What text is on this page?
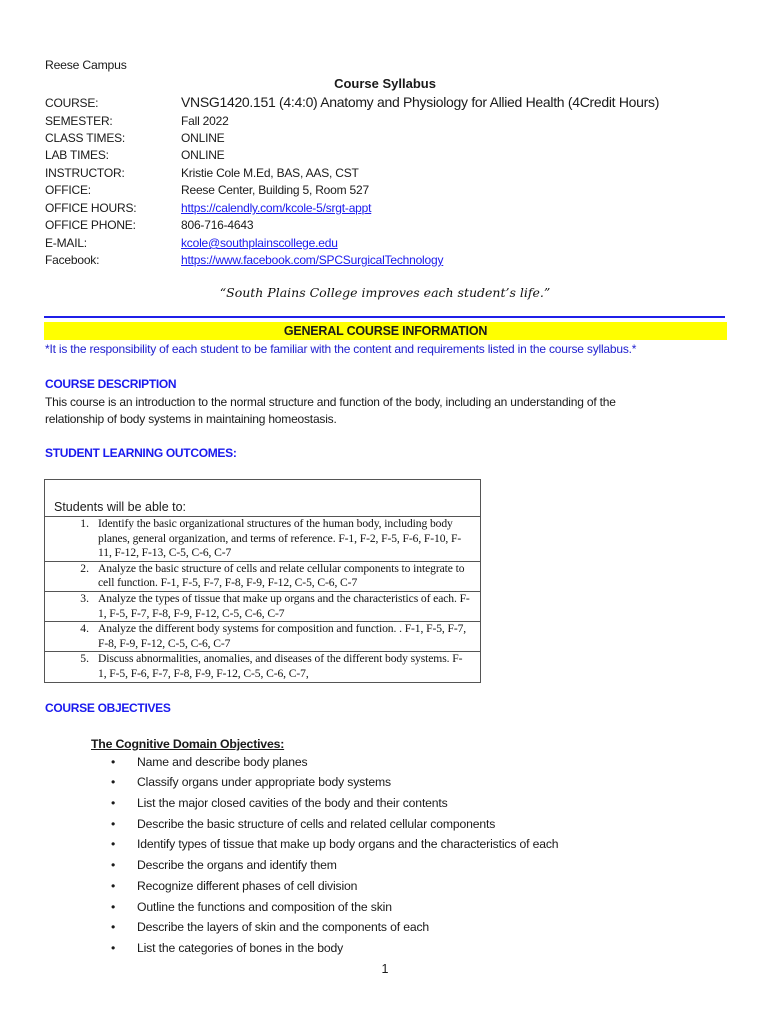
Reese Campus
Course Syllabus
COURSE:	VNSG1420.151 (4:4:0) Anatomy and Physiology for Allied Health (4Credit Hours)
SEMESTER:	Fall 2022
CLASS TIMES:	ONLINE
LAB TIMES:	ONLINE
INSTRUCTOR:	Kristie Cole M.Ed, BAS, AAS, CST
OFFICE:	Reese Center, Building 5, Room 527
OFFICE HOURS:	https://calendly.com/kcole-5/srgt-appt
OFFICE PHONE:	806-716-4643
E-MAIL:	kcole@southplainscollege.edu
Facebook:	https://www.facebook.com/SPCSurgicalTechnology
“South Plains College improves each student’s life.”
GENERAL COURSE INFORMATION
*It is the responsibility of each student to be familiar with the content and requirements listed in the course syllabus.*
COURSE DESCRIPTION
This course is an introduction to the normal structure and function of the body, including an understanding of the
relationship of body systems in maintaining homeostasis.
STUDENT LEARNING OUTCOMES:
Students will be able to:

1. Identify the basic organizational structures of the human body, including body planes, general organization, and terms of reference. F-1, F-2, F-5, F-6, F-10, F-11, F-12, F-13, C-5, C-6, C-7
2. Analyze the basic structure of cells and relate cellular components to integrate to cell function. F-1, F-5, F-7, F-8, F-9, F-12, C-5, C-6, C-7
3. Analyze the types of tissue that make up organs and the characteristics of each. F-1, F-5, F-7, F-8, F-9, F-12, C-5, C-6, C-7
4. Analyze the different body systems for composition and function. . F-1, F-5, F-7, F-8, F-9, F-12, C-5, C-6, C-7
5. Discuss abnormalities, anomalies, and diseases of the different body systems. F-1, F-5, F-6, F-7, F-8, F-9, F-12, C-5, C-6, C-7,
COURSE OBJECTIVES
The Cognitive Domain Objectives:
• Name and describe body planes
• Classify organs under appropriate body systems
• List the major closed cavities of the body and their contents
• Describe the basic structure of cells and related cellular components
• Identify types of tissue that make up body organs and the characteristics of each
• Describe the organs and identify them
• Recognize different phases of cell division
• Outline the functions and composition of the skin
• Describe the layers of skin and the components of each
• List the categories of bones in the body
1
